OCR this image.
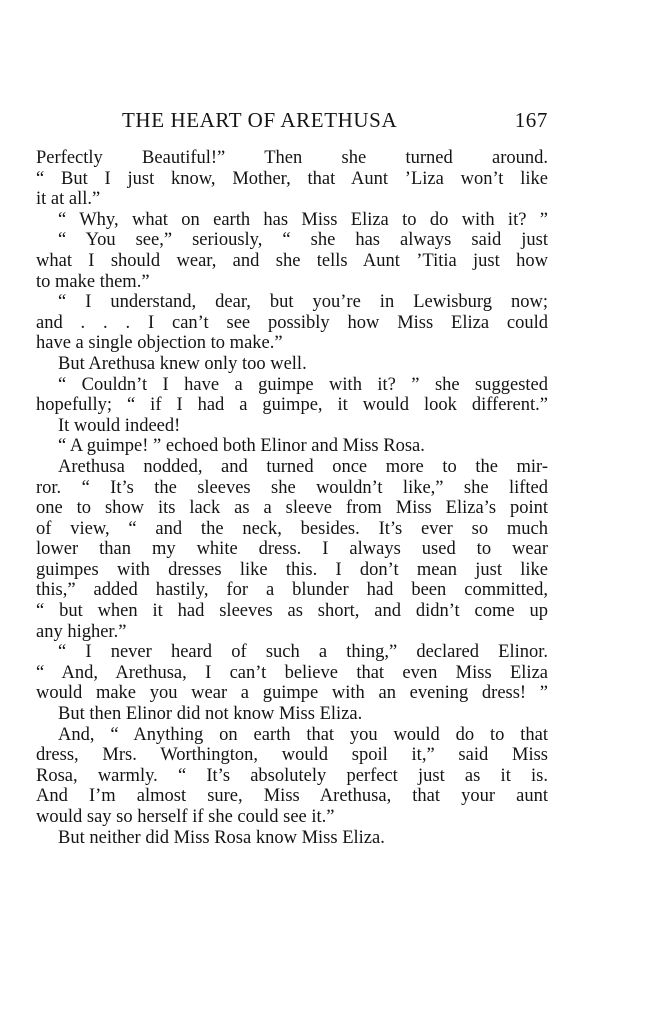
THE HEART OF ARETHUSA	167
Perfectly Beautiful!” Then she turned around.
“ But I just know, Mother, that Aunt ’Liza won’t like
it at all.”
“ Why, what on earth has Miss Eliza to do with it? ”
“ You see,” seriously, “ she has always said just
what I should wear, and she tells Aunt ’Titia just how
to make them.”
“ I understand, dear, but you’re in Lewisburg now;
and . . . I can’t see possibly how Miss Eliza could
have a single objection to make.”
But Arethusa knew only too well.
“ Couldn’t I have a guimpe with it? ” she suggested
hopefully; “ if I had a guimpe, it would look different.”
It would indeed!
“ A guimpe! ” echoed both Elinor and Miss Rosa.
Arethusa nodded, and turned once more to the mir-
ror. “ It’s the sleeves she wouldn’t like,” she lifted
one to show its lack as a sleeve from Miss Eliza’s point
of view, “ and the neck, besides. It’s ever so much
lower than my white dress. I always used to wear
guimpes with dresses like this. I don’t mean just like
this,” added hastily, for a blunder had been committed,
“ but when it had sleeves as short, and didn’t come up
any higher.”
“ I never heard of such a thing,” declared Elinor.
“ And, Arethusa, I can’t believe that even Miss Eliza
would make you wear a guimpe with an evening dress! ”
But then Elinor did not know Miss Eliza.
And, “ Anything on earth that you would do to that
dress, Mrs. Worthington, would spoil it,” said Miss
Rosa, warmly. “ It’s absolutely perfect just as it is.
And I’m almost sure, Miss Arethusa, that your aunt
would say so herself if she could see it.”
But neither did Miss Rosa know Miss Eliza.
